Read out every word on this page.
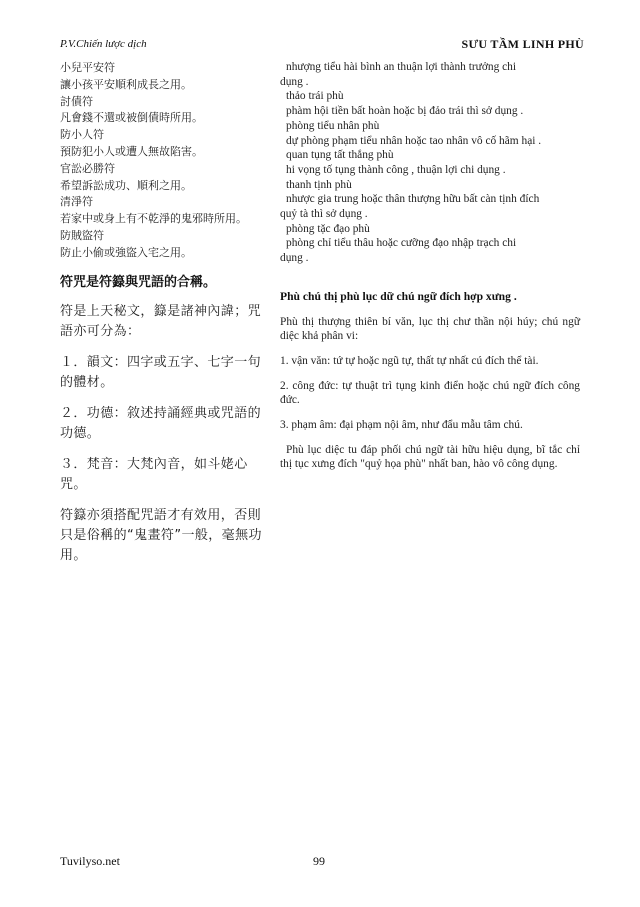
P.V.Chiến lược dịch	SƯU TẦM LINH PHÙ
小兒平安符
讓小孩平安順利成長之用。
討債符
凡會錢不還或被倒債時所用。
防小人符
預防犯小人或遭人無故陷害。
官訟必勝符
希望訴訟成功、順利之用。
清淨符
若家中或身上有不乾淨的鬼邪時所用。
防賊盜符
防止小偷或強盜入宅之用。
符咒是符籙與咒語的合稱。
符是上天秘文，籙是諸神內諱；咒語亦可分為：
１．韻文：四字或五字、七字一句的體材。
２．功德：敘述持誦經典或咒語的功德。
３．梵音：大梵內音，如斗姥心咒。
符籙亦須搭配咒語才有效用，否則只是俗稱的“鬼畫符”一般，毫無功用。
nhượng tiểu hài bình an thuận lợi thành trưởng chi
dụng .
thảo trái phù
phàm hội tiền bất hoàn hoặc bị đảo trái thì sở dụng .
phòng tiểu nhân phù
dự phòng phạm tiểu nhân hoặc tao nhân vô cố hãm hại .
quan tụng tất thắng phù
hi vọng tố tụng thành công , thuận lợi chi dụng .
thanh tịnh phù
nhược gia trung hoặc thân thượng hữu bất càn tịnh đích
quỷ tà thì sở dụng .
phòng tặc đạo phù
phòng chỉ tiểu thâu hoặc cưỡng đạo nhập trạch chi
dụng .
Phù chú thị phù lục dữ chú ngữ đích hợp xưng .
Phù thị thượng thiên bí văn, lục thị chư thần nội húy; chú ngữ diệc khả phân vi:
1. vận văn: tứ tự hoặc ngũ tự, thất tự nhất cú đích thể tài.
2. công đức: tự thuật trì tụng kinh điển hoặc chú ngữ đích công đức.
3. phạm âm: đại phạm nội âm, như đẩu mẫu tâm chú.
Phù lục diệc tu đáp phối chú ngữ tài hữu hiệu dụng, bĩ tắc chỉ thị tục xưng đích "quỷ họa phù" nhất ban, hào vô công dụng.
Tuvilyso.net	99
